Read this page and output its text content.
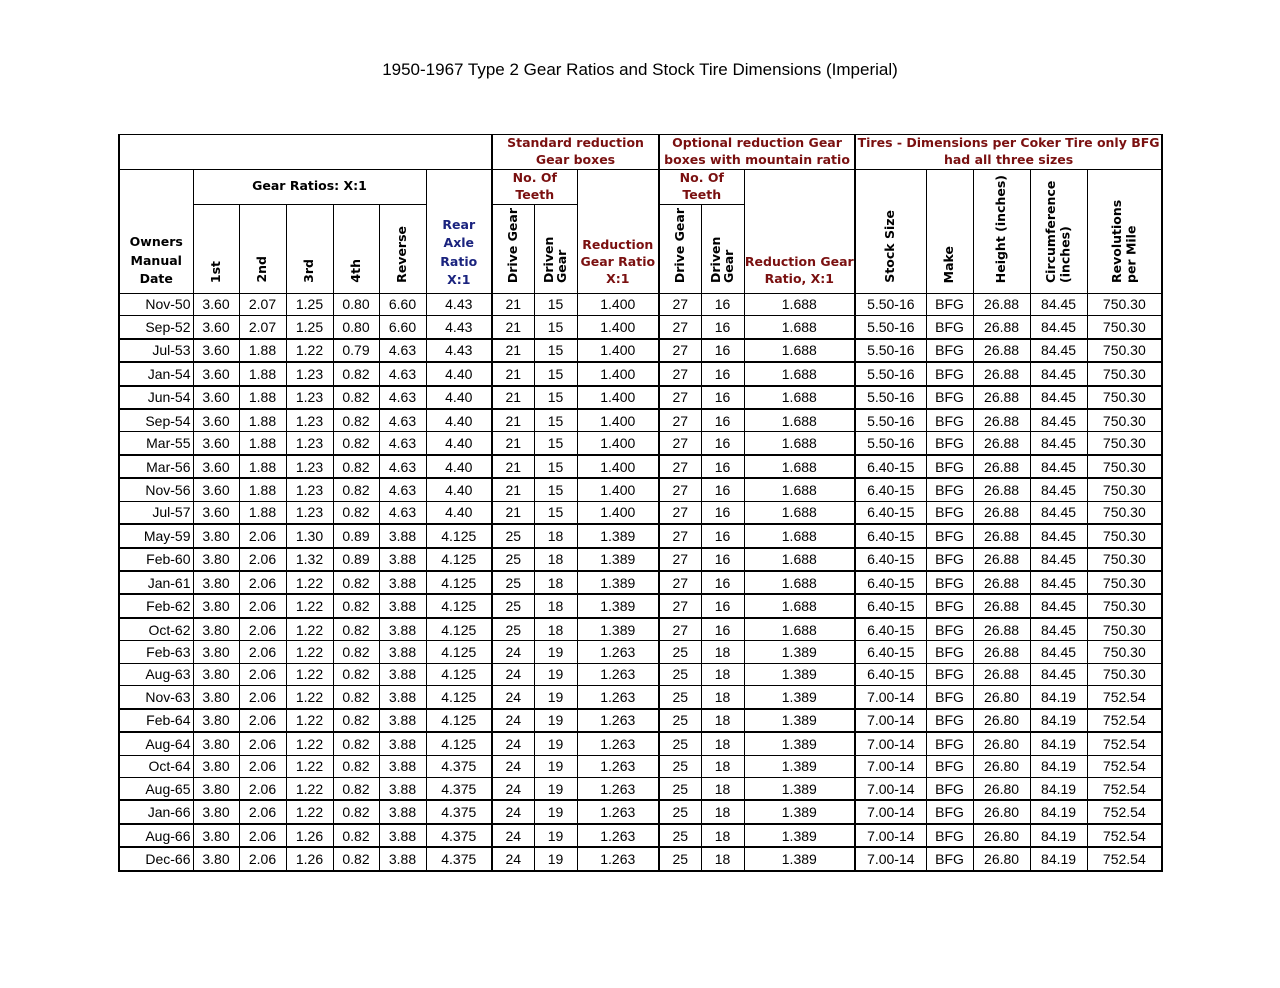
1950-1967 Type 2 Gear Ratios and Stock Tire Dimensions (Imperial)
							Standard reduction Gear boxes			Optional reduction Gear boxes with mountain ratio			Tires - Dimensions per Coker Tire only BFG had all three sizes				
Owners Manual Date	Gear Ratios: X:1					Rear Axle Ratio X:1	No. Of Teeth		Reduction Gear Ratio X:1	No. Of Teeth		Reduction Gear Ratio, X:1	Stock Size	Make	Height (inches)	Circumference (inches)	Revolutions per Mile
	1st	2nd	3rd	4th	Reverse		Drive Gear	Driven Gear		Drive Gear	Driven Gear						
Nov-50	3.60	2.07	1.25	0.80	6.60	4.43	21	15	1.400	27	16	1.688	5.50-16	BFG	26.88	84.45	750.30
Sep-52	3.60	2.07	1.25	0.80	6.60	4.43	21	15	1.400	27	16	1.688	5.50-16	BFG	26.88	84.45	750.30
Jul-53	3.60	1.88	1.22	0.79	4.63	4.43	21	15	1.400	27	16	1.688	5.50-16	BFG	26.88	84.45	750.30
Jan-54	3.60	1.88	1.23	0.82	4.63	4.40	21	15	1.400	27	16	1.688	5.50-16	BFG	26.88	84.45	750.30
Jun-54	3.60	1.88	1.23	0.82	4.63	4.40	21	15	1.400	27	16	1.688	5.50-16	BFG	26.88	84.45	750.30
Sep-54	3.60	1.88	1.23	0.82	4.63	4.40	21	15	1.400	27	16	1.688	5.50-16	BFG	26.88	84.45	750.30
Mar-55	3.60	1.88	1.23	0.82	4.63	4.40	21	15	1.400	27	16	1.688	5.50-16	BFG	26.88	84.45	750.30
Mar-56	3.60	1.88	1.23	0.82	4.63	4.40	21	15	1.400	27	16	1.688	6.40-15	BFG	26.88	84.45	750.30
Nov-56	3.60	1.88	1.23	0.82	4.63	4.40	21	15	1.400	27	16	1.688	6.40-15	BFG	26.88	84.45	750.30
Jul-57	3.60	1.88	1.23	0.82	4.63	4.40	21	15	1.400	27	16	1.688	6.40-15	BFG	26.88	84.45	750.30
May-59	3.80	2.06	1.30	0.89	3.88	4.125	25	18	1.389	27	16	1.688	6.40-15	BFG	26.88	84.45	750.30
Feb-60	3.80	2.06	1.32	0.89	3.88	4.125	25	18	1.389	27	16	1.688	6.40-15	BFG	26.88	84.45	750.30
Jan-61	3.80	2.06	1.22	0.82	3.88	4.125	25	18	1.389	27	16	1.688	6.40-15	BFG	26.88	84.45	750.30
Feb-62	3.80	2.06	1.22	0.82	3.88	4.125	25	18	1.389	27	16	1.688	6.40-15	BFG	26.88	84.45	750.30
Oct-62	3.80	2.06	1.22	0.82	3.88	4.125	25	18	1.389	27	16	1.688	6.40-15	BFG	26.88	84.45	750.30
Feb-63	3.80	2.06	1.22	0.82	3.88	4.125	24	19	1.263	25	18	1.389	6.40-15	BFG	26.88	84.45	750.30
Aug-63	3.80	2.06	1.22	0.82	3.88	4.125	24	19	1.263	25	18	1.389	6.40-15	BFG	26.88	84.45	750.30
Nov-63	3.80	2.06	1.22	0.82	3.88	4.125	24	19	1.263	25	18	1.389	7.00-14	BFG	26.80	84.19	752.54
Feb-64	3.80	2.06	1.22	0.82	3.88	4.125	24	19	1.263	25	18	1.389	7.00-14	BFG	26.80	84.19	752.54
Aug-64	3.80	2.06	1.22	0.82	3.88	4.125	24	19	1.263	25	18	1.389	7.00-14	BFG	26.80	84.19	752.54
Oct-64	3.80	2.06	1.22	0.82	3.88	4.375	24	19	1.263	25	18	1.389	7.00-14	BFG	26.80	84.19	752.54
Aug-65	3.80	2.06	1.22	0.82	3.88	4.375	24	19	1.263	25	18	1.389	7.00-14	BFG	26.80	84.19	752.54
Jan-66	3.80	2.06	1.22	0.82	3.88	4.375	24	19	1.263	25	18	1.389	7.00-14	BFG	26.80	84.19	752.54
Aug-66	3.80	2.06	1.26	0.82	3.88	4.375	24	19	1.263	25	18	1.389	7.00-14	BFG	26.80	84.19	752.54
Dec-66	3.80	2.06	1.26	0.82	3.88	4.375	24	19	1.263	25	18	1.389	7.00-14	BFG	26.80	84.19	752.54
